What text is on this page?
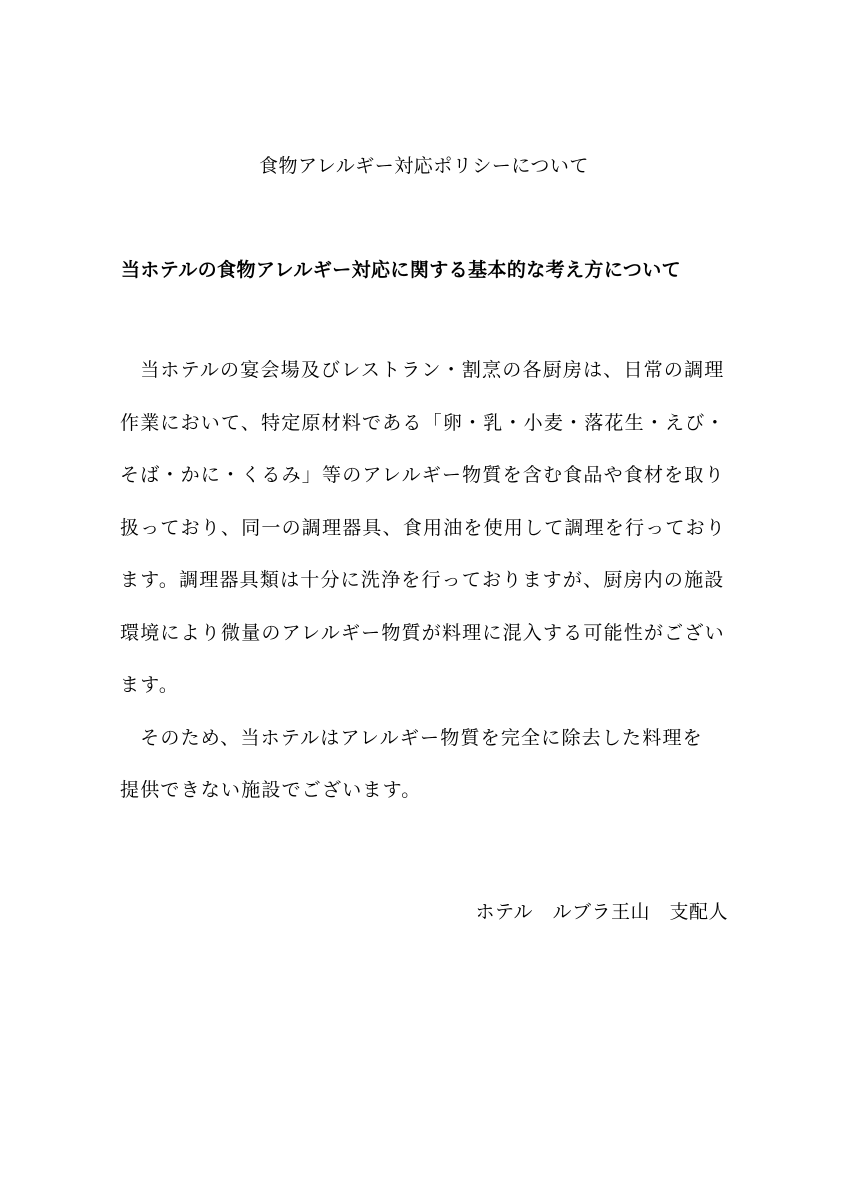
食物アレルギー対応ポリシーについて
当ホテルの食物アレルギー対応に関する基本的な考え方について
　当ホテルの宴会場及びレストラン・割烹の各厨房は、日常の調理
作業において、特定原材料である「卵・乳・小麦・落花生・えび・
そば・かに・くるみ」等のアレルギー物質を含む食品や食材を取り
扱っており、同一の調理器具、食用油を使用して調理を行っており
ます。調理器具類は十分に洗浄を行っておりますが、厨房内の施設
環境により微量のアレルギー物質が料理に混入する可能性がござい
ます。
　そのため、当ホテルはアレルギー物質を完全に除去した料理を
提供できない施設でございます。
ホテル　ルブラ王山　支配人
